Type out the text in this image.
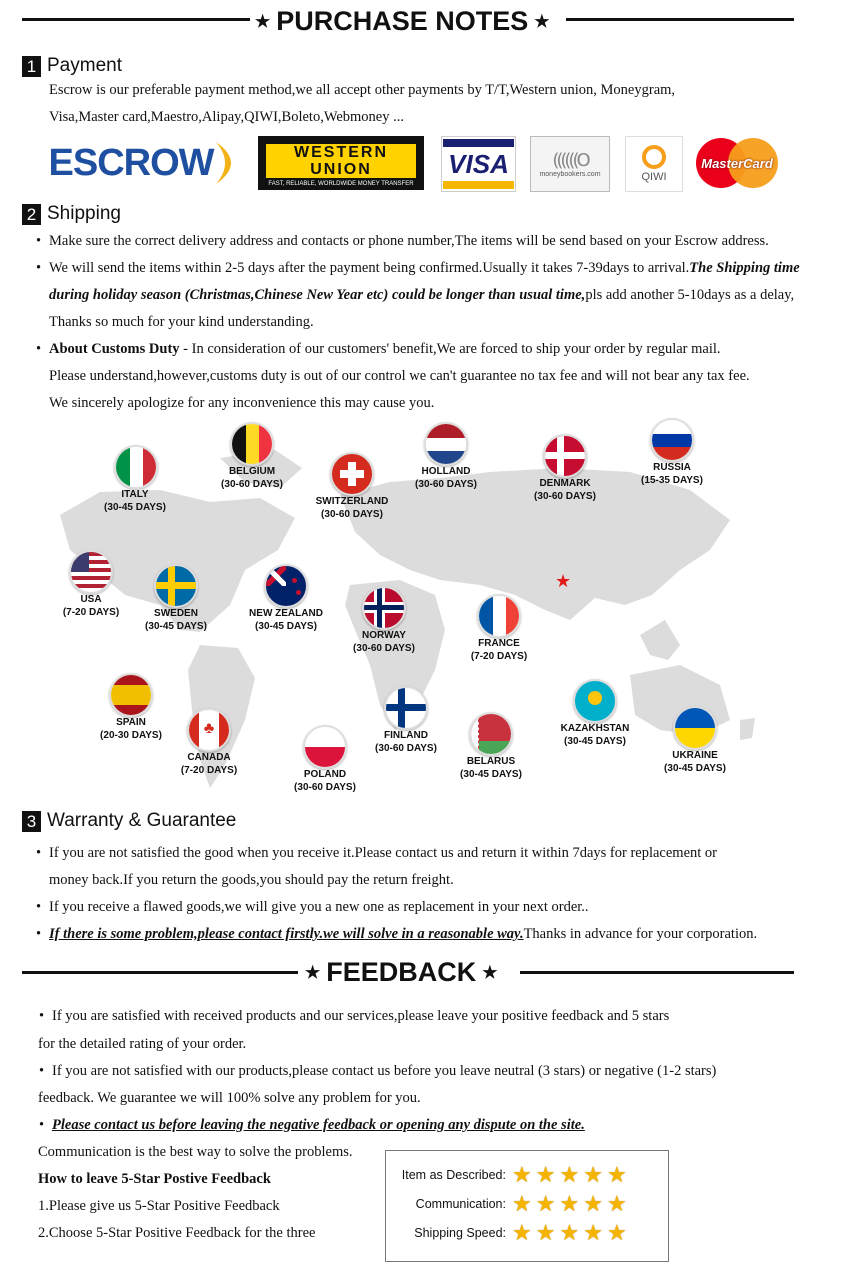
★ PURCHASE NOTES ★
1 Payment
Escrow is our preferable payment method,we all accept other payments by T/T,Western union, Moneygram,
Visa,Master card,Maestro,Alipay,QIWI,Boleto,Webmoney ...
ESCROW	WESTERN
UNION
FAST, RELIABLE, WORLDWIDE MONEY TRANSFER
VISA ((((((O
moneybookers.com	QIWI
MasterCard
2 Shipping
• Make sure the correct delivery address and contacts or phone number,The items will be send based on your Escrow address.
• We will send the items within 2-5 days after the payment being confirmed.Usually it takes 7-39days to arrival.The Shipping time
during holiday season (Christmas,Chinese New Year etc) could be longer than usual time,pls add another 5-10days as a delay,
Thanks so much for your kind understanding.
• About Customs Duty - In consideration of our customers' benefit,We are forced to ship your order by regular mail.
Please understand,however,customs duty is out of our control we can't guarantee no tax fee and will not bear any tax fee.
We sincerely apologize for any inconvenience this may cause you.
★
ITALY
(30-45 DAYS)
BELGIUM
(30-60 DAYS)
SWITZERLAND
(30-60 DAYS)
HOLLAND
(30-60 DAYS)	DENMARK
(30-60 DAYS)
RUSSIA
(15-35 DAYS)
USA
(7-20 DAYS)	SWEDEN
(30-45 DAYS)
NEW ZEALAND
(30-45 DAYS)
NORWAY
(30-60 DAYS)	FRANCE
(7-20 DAYS)
SPAIN
(20-30 DAYS)	♣
CANADA
(7-20 DAYS)	POLAND
(30-60 DAYS)
FINLAND
(30-60 DAYS)
BELARUS
(30-45 DAYS)
KAZAKHSTAN
(30-45 DAYS)
UKRAINE
(30-45 DAYS)
3 Warranty & Guarantee
• If you are not satisfied the good when you receive it.Please contact us and return it within 7days for replacement or
money back.If you return the goods,you should pay the return freight.
• If you receive a flawed goods,we will give you a new one as replacement in your next order..
• If there is some problem,please contact firstly.we will solve in a reasonable way.Thanks in advance for your corporation.
★ FEEDBACK ★
• If you are satisfied with received products and our services,please leave your positive feedback and 5 stars
for the detailed rating of your order.
• If you are not satisfied with our products,please contact us before you leave neutral (3 stars) or negative (1-2 stars)
feedback. We guarantee we will 100% solve any problem for you.
• Please contact us before leaving the negative feedback or opening any dispute on the site.
Communication is the best way to solve the problems.
How to leave 5-Star Postive Feedback
1.Please give us 5-Star Positive Feedback
2.Choose 5-Star Positive Feedback for the three
Item as Described: ★ ★ ★ ★ ★
Communication: ★ ★ ★ ★ ★
Shipping Speed: ★ ★ ★ ★ ★
